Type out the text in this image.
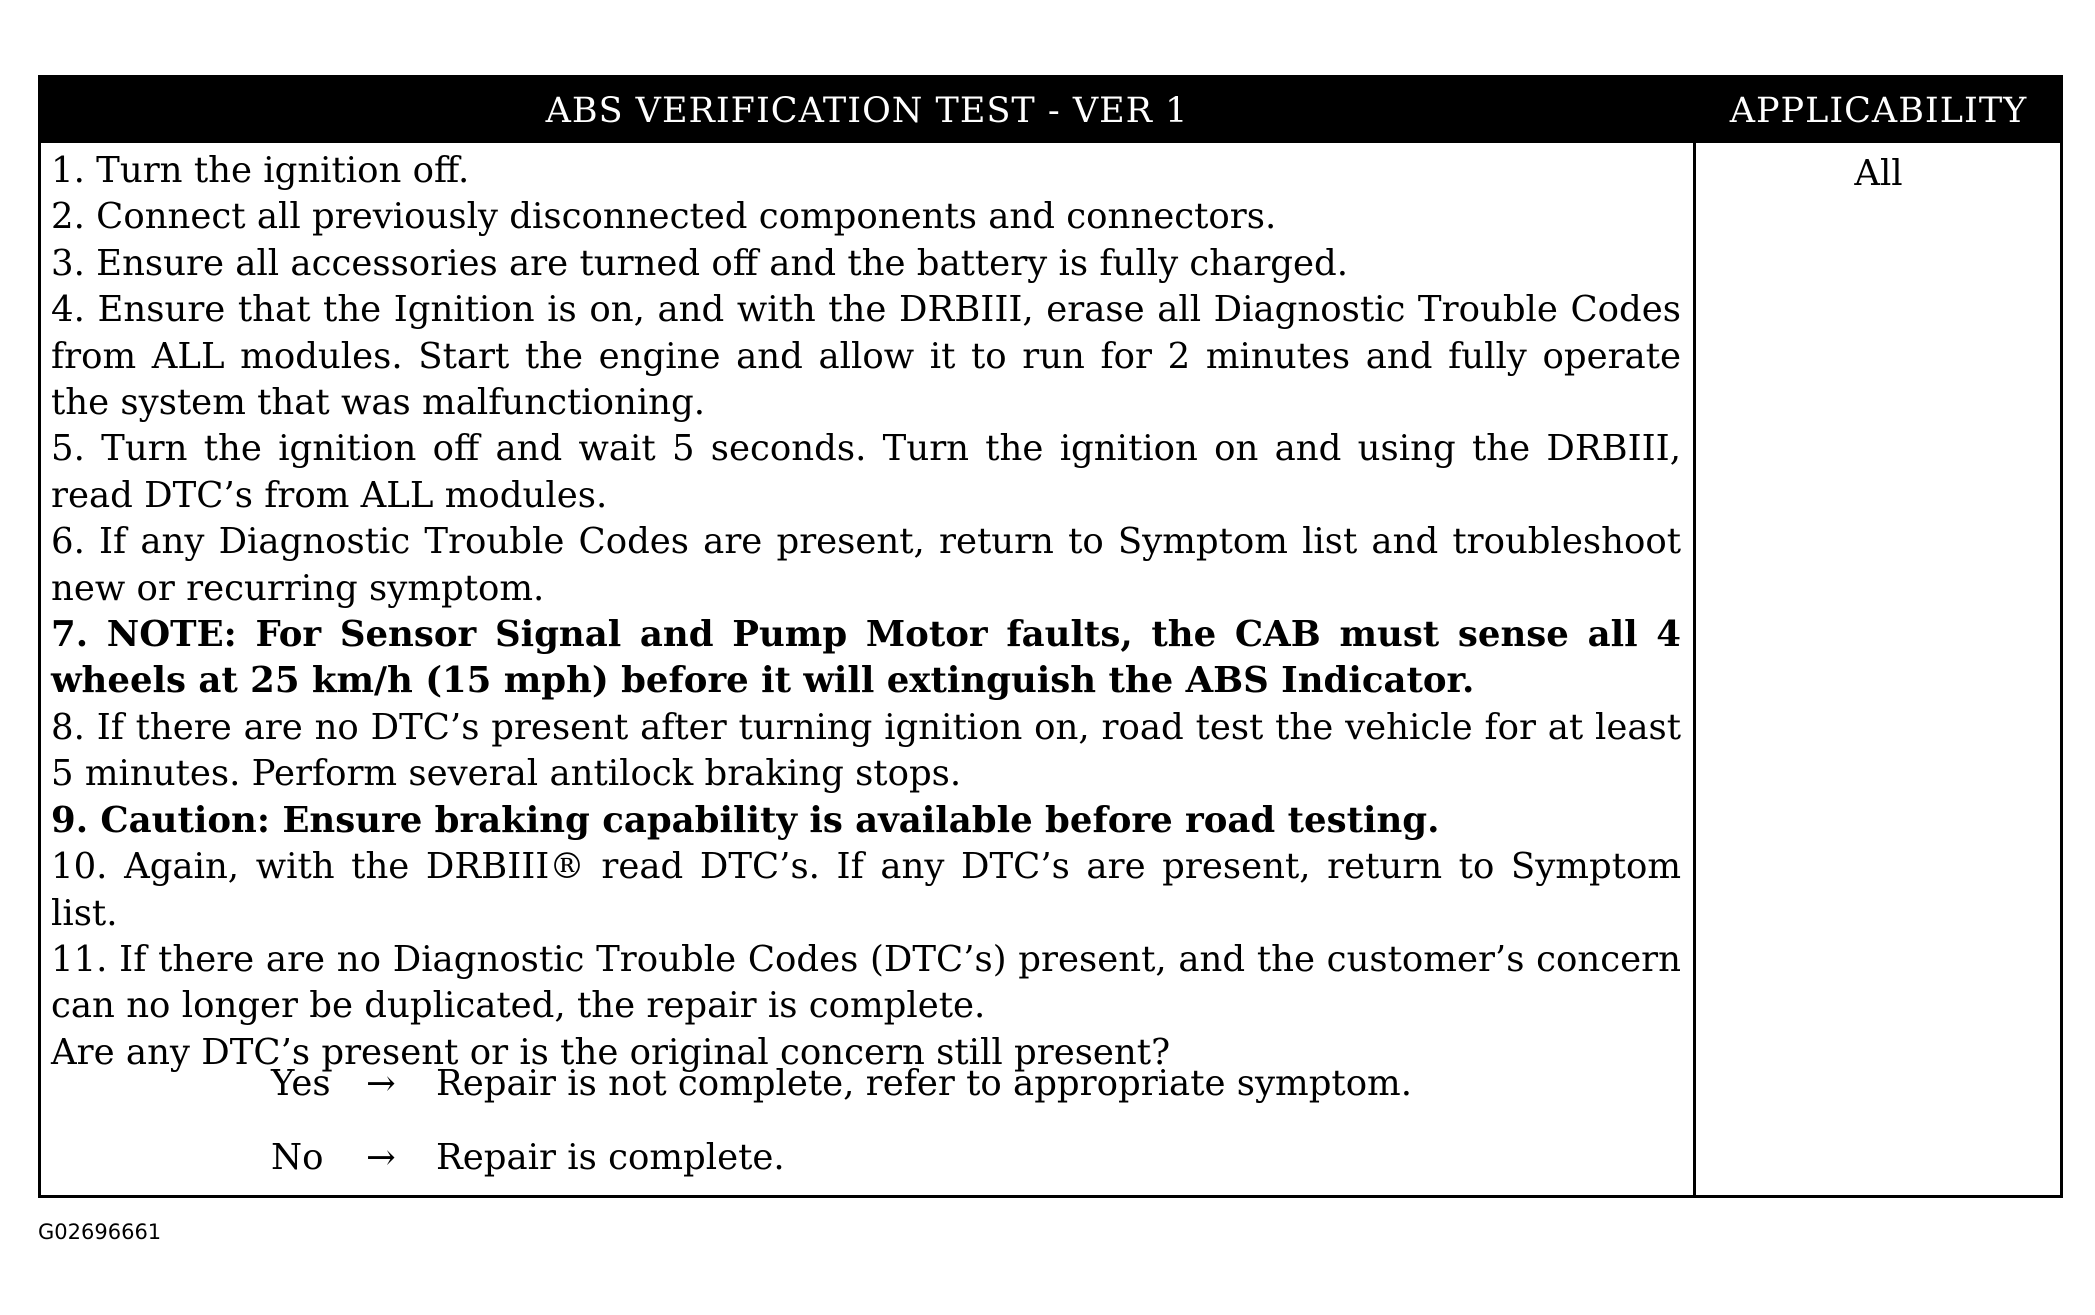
ABS VERIFICATION TEST - VER 1	APPLICABILITY
1. Turn the ignition off.
2. Connect all previously disconnected components and connectors.
3. Ensure all accessories are turned off and the battery is fully charged.
4. Ensure that the Ignition is on, and with the DRBIII, erase all Diagnostic Trouble Codes from ALL modules. Start the engine and allow it to run for 2 minutes and fully operate the system that was malfunctioning.
5. Turn the ignition off and wait 5 seconds. Turn the ignition on and using the DRBIII, read DTC’s from ALL modules.
6. If any Diagnostic Trouble Codes are present, return to Symptom list and troubleshoot new or recurring symptom.
7. NOTE: For Sensor Signal and Pump Motor faults, the CAB must sense all 4 wheels at 25 km/h (15 mph) before it will extinguish the ABS Indicator.
8. If there are no DTC’s present after turning ignition on, road test the vehicle for at least 5 minutes. Perform several antilock braking stops.
9. Caution: Ensure braking capability is available before road testing.
10. Again, with the DRBIII® read DTC’s. If any DTC’s are present, return to Symptom list.
11. If there are no Diagnostic Trouble Codes (DTC’s) present, and the customer’s concern can no longer be duplicated, the repair is complete.
Are any DTC’s present or is the original concern still present?
Yes → Repair is not complete, refer to appropriate symptom.
No → Repair is complete.
All
G02696661
